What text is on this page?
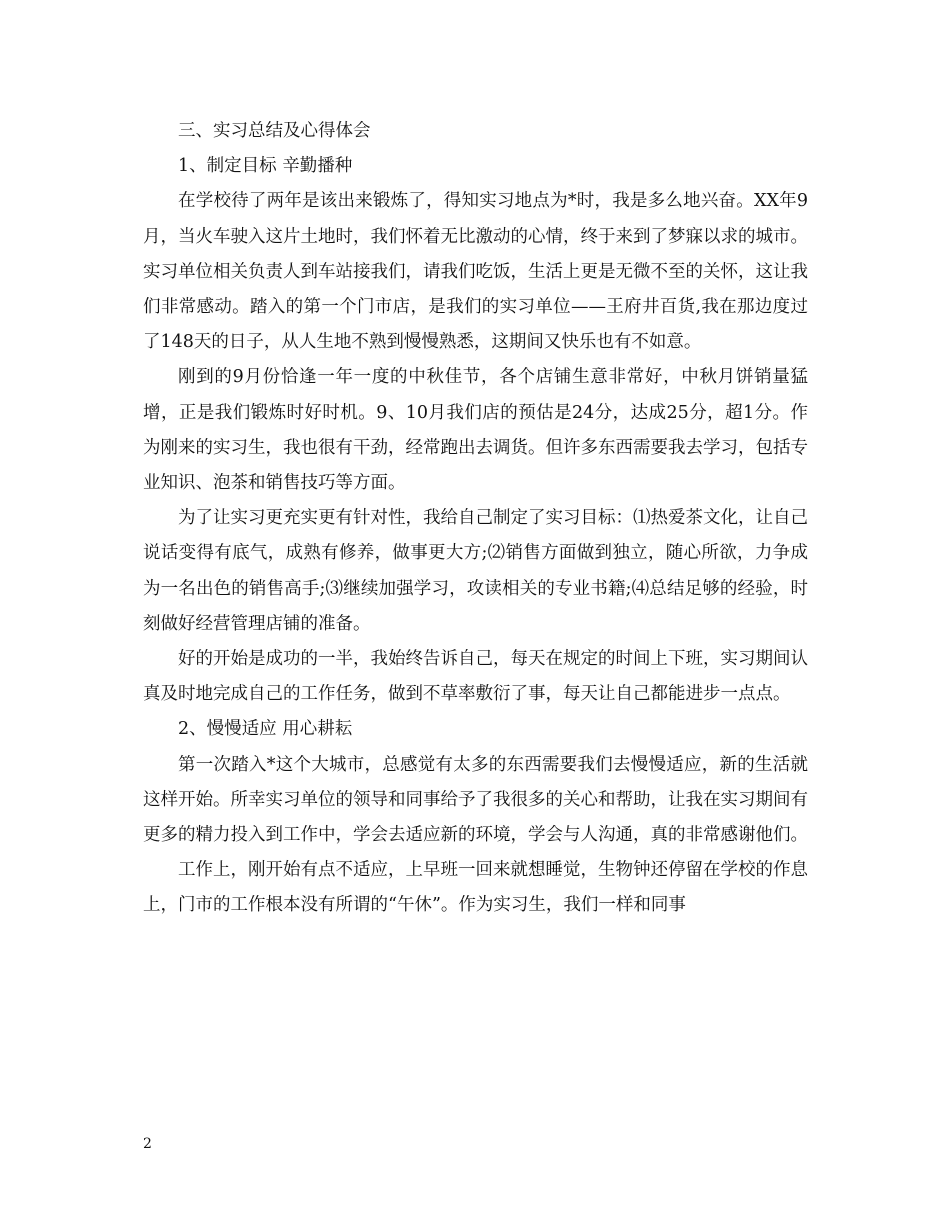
三、实习总结及心得体会

1、制定目标 辛勤播种

在学校待了两年是该出来锻炼了，得知实习地点为*时，我是多么地兴奋。XX年9月，当火车驶入这片土地时，我们怀着无比激动的心情，终于来到了梦寐以求的城市。实习单位相关负责人到车站接我们，请我们吃饭，生活上更是无微不至的关怀，这让我们非常感动。踏入的第一个门市店，是我们的实习单位——王府井百货,我在那边度过了148天的日子，从人生地不熟到慢慢熟悉，这期间又快乐也有不如意。

刚到的9月份恰逢一年一度的中秋佳节，各个店铺生意非常好，中秋月饼销量猛增，正是我们锻炼时好时机。9、10月我们店的预估是24分，达成25分，超1分。作为刚来的实习生，我也很有干劲，经常跑出去调货。但许多东西需要我去学习，包括专业知识、泡茶和销售技巧等方面。

为了让实习更充实更有针对性，我给自己制定了实习目标：⑴热爱茶文化，让自己说话变得有底气，成熟有修养，做事更大方;⑵销售方面做到独立，随心所欲，力争成为一名出色的销售高手;⑶继续加强学习，攻读相关的专业书籍;⑷总结足够的经验，时刻做好经营管理店铺的准备。

好的开始是成功的一半，我始终告诉自己，每天在规定的时间上下班，实习期间认真及时地完成自己的工作任务，做到不草率敷衍了事，每天让自己都能进步一点点。

2、慢慢适应 用心耕耘

第一次踏入*这个大城市，总感觉有太多的东西需要我们去慢慢适应，新的生活就这样开始。所幸实习单位的领导和同事给予了我很多的关心和帮助，让我在实习期间有更多的精力投入到工作中，学会去适应新的环境，学会与人沟通，真的非常感谢他们。

工作上，刚开始有点不适应，上早班一回来就想睡觉，生物钟还停留在学校的作息上，门市的工作根本没有所谓的“午休”。作为实习生，我们一样和同事

2
